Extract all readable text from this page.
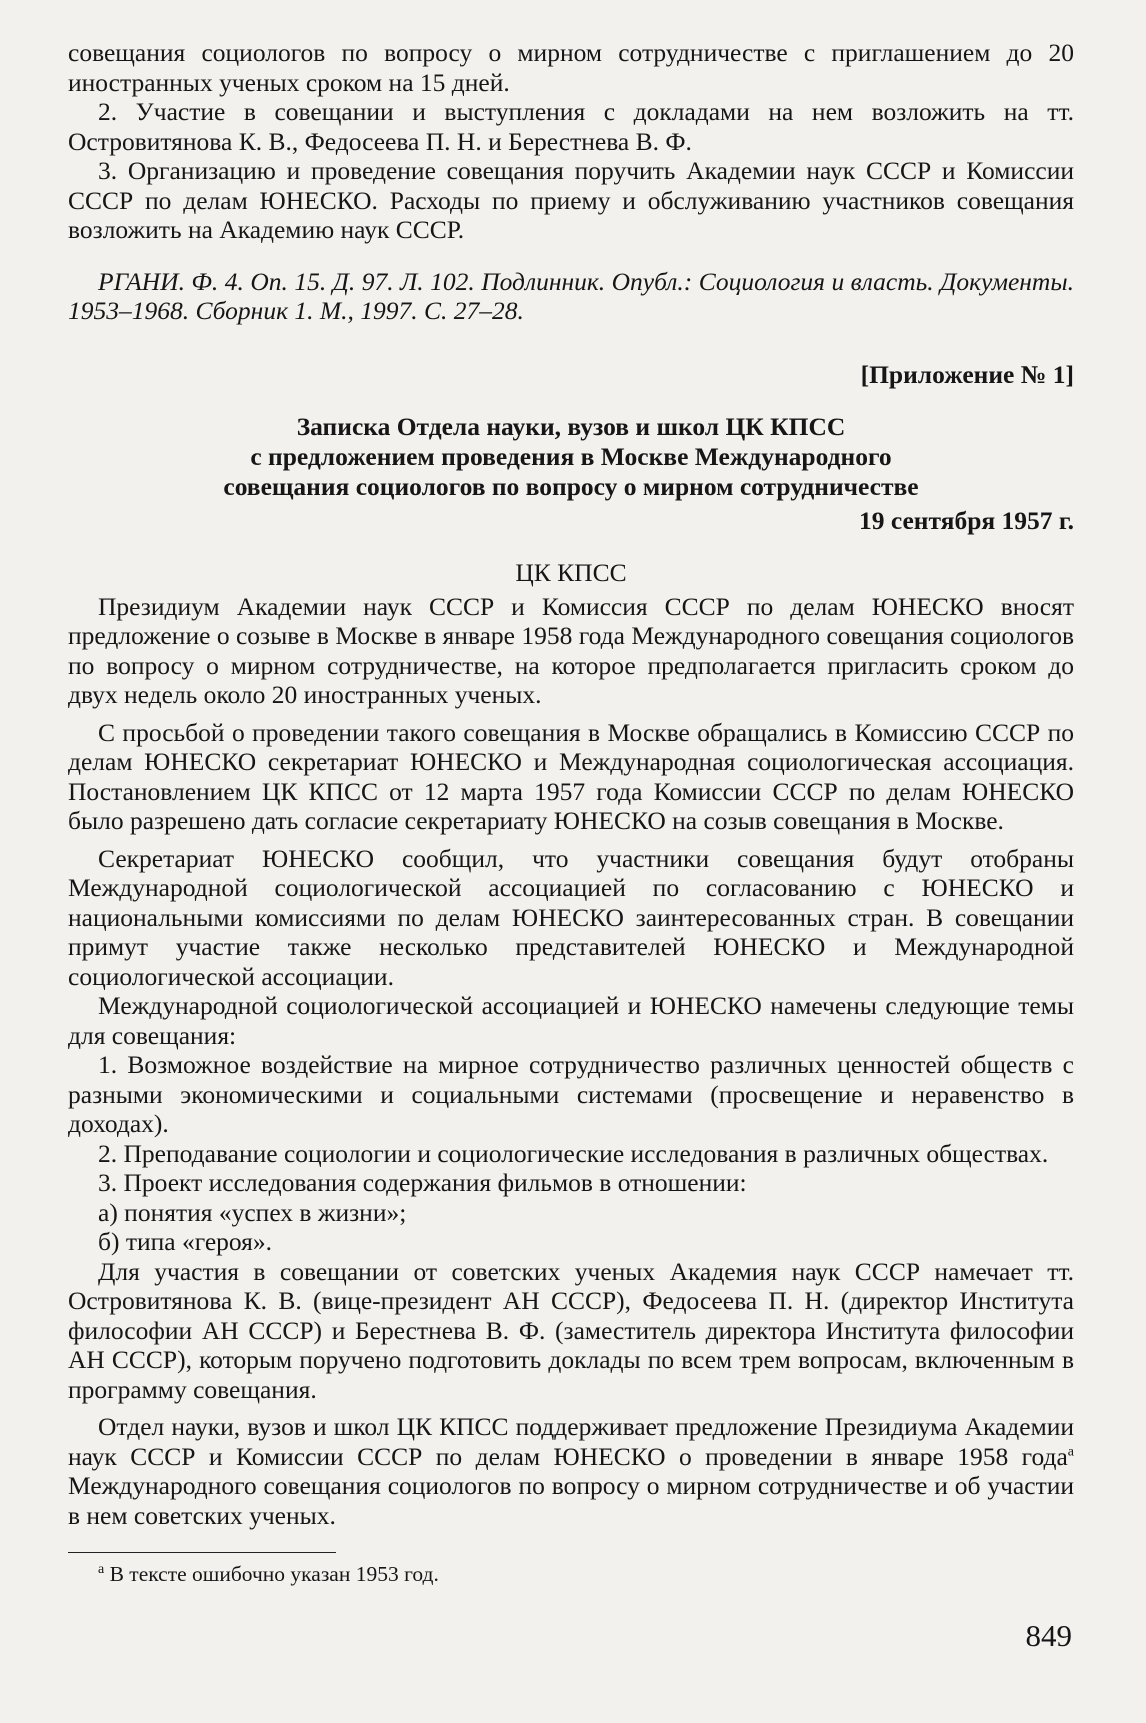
совещания социологов по вопросу о мирном сотрудничестве с приглашением до 20 иностранных ученых сроком на 15 дней.

2. Участие в совещании и выступления с докладами на нем возложить на тт. Островитянова К. В., Федосеева П. Н. и Берестнева В. Ф.

3. Организацию и проведение совещания поручить Академии наук СССР и Комиссии СССР по делам ЮНЕСКО. Расходы по приему и обслуживанию участников совещания возложить на Академию наук СССР.

РГАНИ. Ф. 4. Оп. 15. Д. 97. Л. 102. Подлинник. Опубл.: Социология и власть. Документы. 1953–1968. Сборник 1. М., 1997. С. 27–28.

[Приложение № 1]

Записка Отдела науки, вузов и школ ЦК КПСС
с предложением проведения в Москве Международного
совещания социологов по вопросу о мирном сотрудничестве

19 сентября 1957 г.

ЦК КПСС

Президиум Академии наук СССР и Комиссия СССР по делам ЮНЕСКО вносят предложение о созыве в Москве в январе 1958 года Международного совещания социологов по вопросу о мирном сотрудничестве, на которое предполагается пригласить сроком до двух недель около 20 иностранных ученых.

С просьбой о проведении такого совещания в Москве обращались в Комиссию СССР по делам ЮНЕСКО секретариат ЮНЕСКО и Международная социологическая ассоциация. Постановлением ЦК КПСС от 12 марта 1957 года Комиссии СССР по делам ЮНЕСКО было разрешено дать согласие секретариату ЮНЕСКО на созыв совещания в Москве.

Секретариат ЮНЕСКО сообщил, что участники совещания будут отобраны Международной социологической ассоциацией по согласованию с ЮНЕСКО и национальными комиссиями по делам ЮНЕСКО заинтересованных стран. В совещании примут участие также несколько представителей ЮНЕСКО и Международной социологической ассоциации.

Международной социологической ассоциацией и ЮНЕСКО намечены следующие темы для совещания:

1. Возможное воздействие на мирное сотрудничество различных ценностей обществ с разными экономическими и социальными системами (просвещение и неравенство в доходах).

2. Преподавание социологии и социологические исследования в различных обществах.

3. Проект исследования содержания фильмов в отношении:

а) понятия «успех в жизни»;

б) типа «героя».

Для участия в совещании от советских ученых Академия наук СССР намечает тт. Островитянова К. В. (вице-президент АН СССР), Федосеева П. Н. (директор Института философии АН СССР) и Берестнева В. Ф. (заместитель директора Института философии АН СССР), которым поручено подготовить доклады по всем трем вопросам, включенным в программу совещания.

Отдел науки, вузов и школ ЦК КПСС поддерживает предложение Президиума Академии наук СССР и Комиссии СССР по делам ЮНЕСКО о проведении в январе 1958 года$^а$ Международного совещания социологов по вопросу о мирном сотрудничестве и об участии в нем советских ученых.

$^а$ В тексте ошибочно указан 1953 год.

849
